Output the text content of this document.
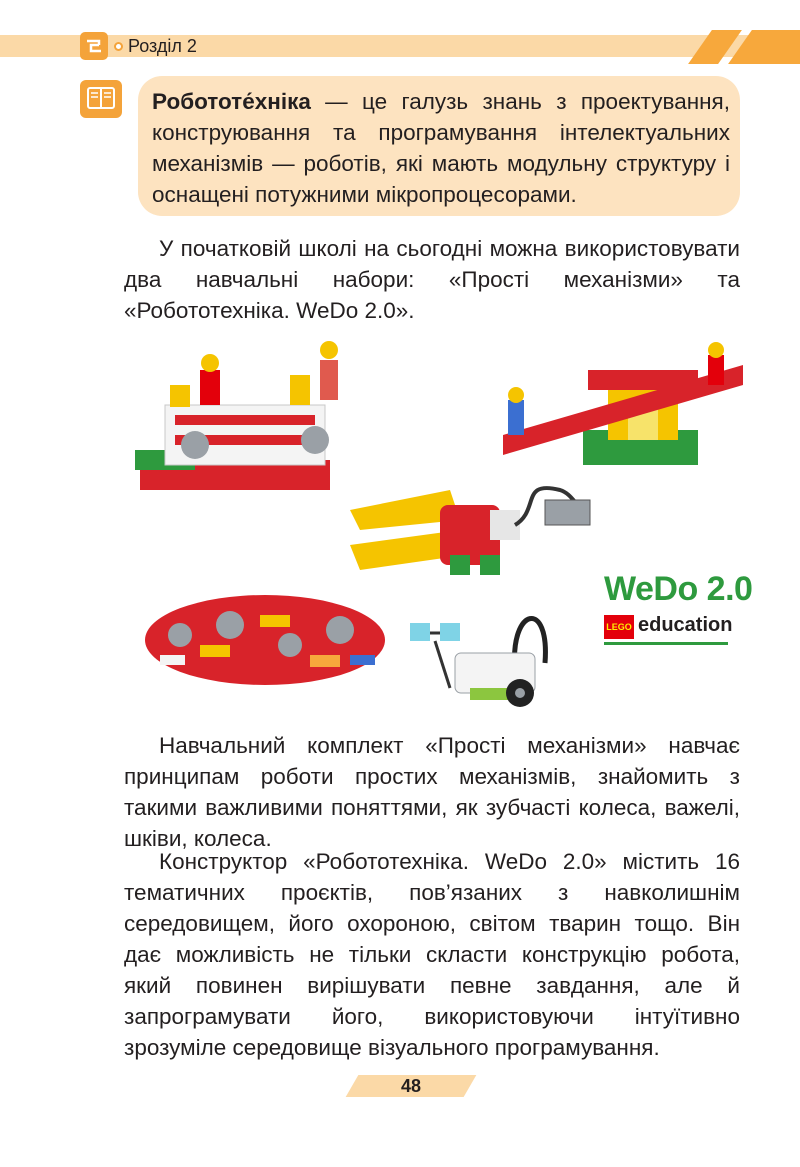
Розділ 2
Робототе́хніка — це галузь знань з проектування, конструювання та програмування інтелектуальних механізмів — роботів, які мають модульну структуру і оснащені потужними мікропроцесорами.

У початковій школі на сьогодні можна використовувати два навчальні набори: «Прості механізми» та «Робототехніка. WeDo 2.0».

WeDo 2.0
LEGO education

Навчальний комплект «Прості механізми» навчає принципам роботи простих механізмів, знайомить з такими важливими поняттями, як зубчасті колеса, важелі, шківи, колеса.

Конструктор «Робототехніка. WeDo 2.0» містить 16 тематичних проєктів, пов’язаних з навколишнім середовищем, його охороною, світом тварин тощо. Він дає можливість не тільки скласти конструкцію робота, який повинен вирішувати певне завдання, але й запрограмувати його, використовуючи інтуїтивно зрозуміле середовище візуального програмування.

48
